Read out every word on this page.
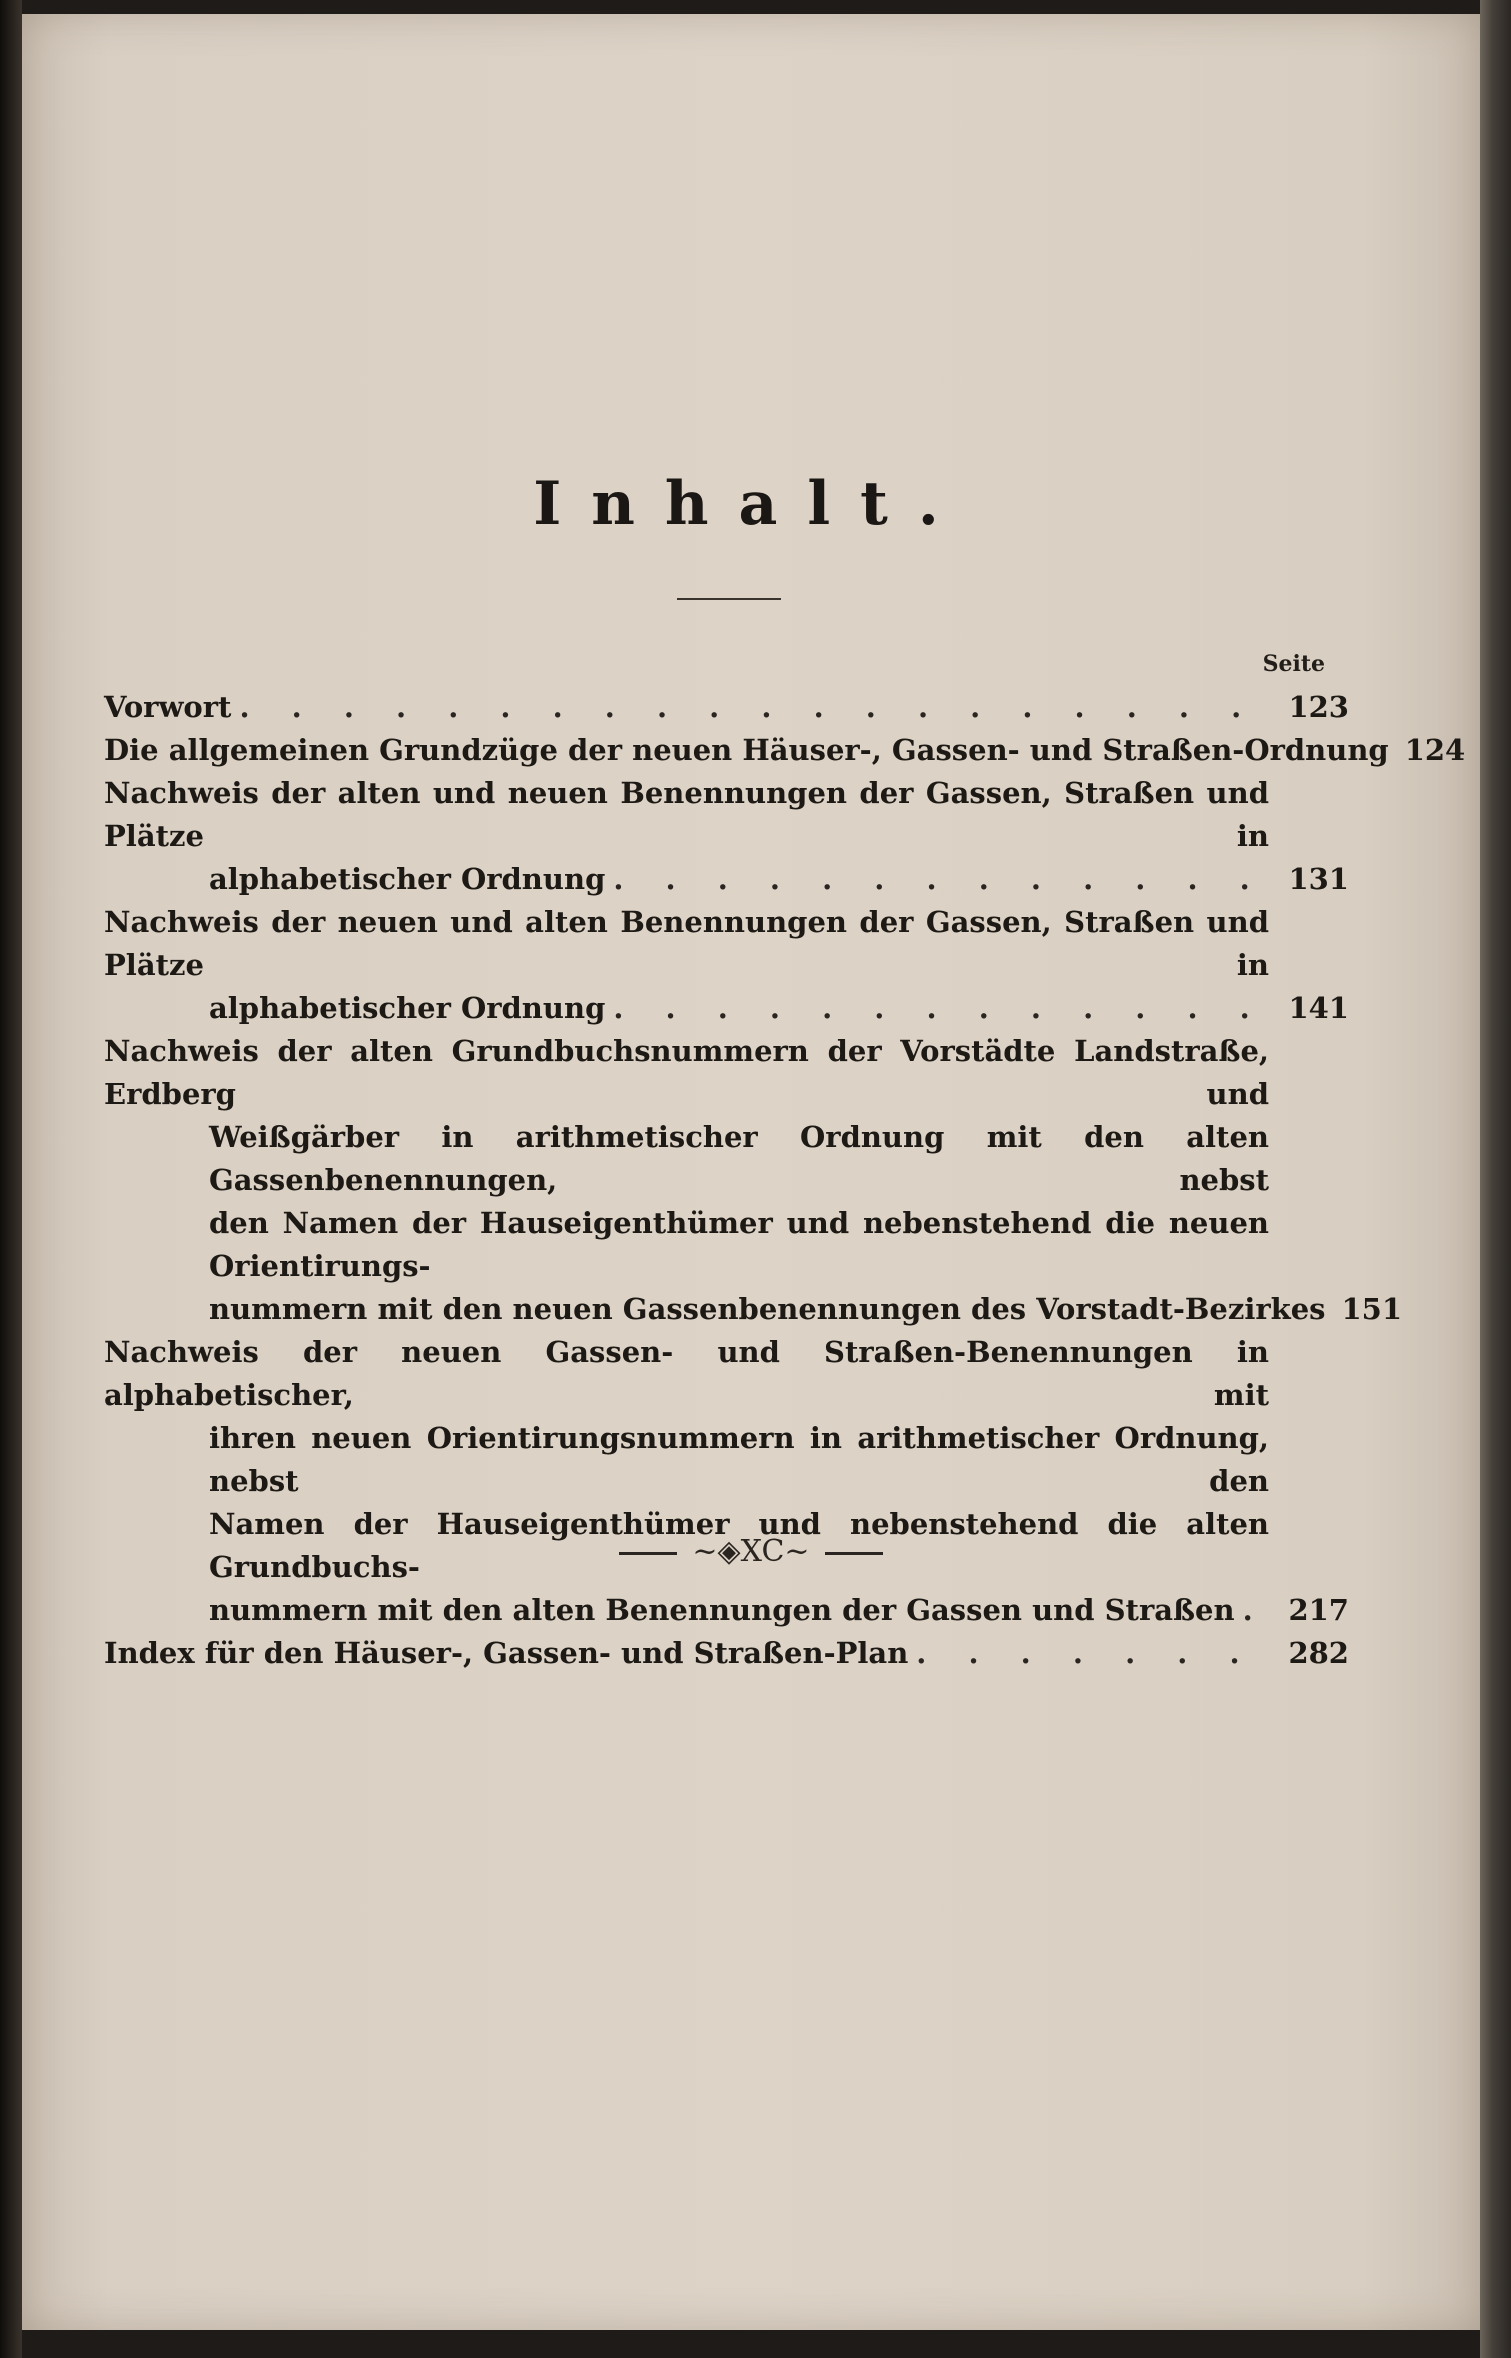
Inhalt.
Seite
Vorwort . . .	123
Die allgemeinen Grundzüge der neuen Häuser-, Gassen- und Straßen-Ordnung 124
Nachweis der alten und neuen Benennungen der Gassen, Straßen und Plätze in
alphabetischer Ordnung . . .	131
Nachweis der neuen und alten Benennungen der Gassen, Straßen und Plätze in
alphabetischer Ordnung . . .	141
Nachweis der alten Grundbuchsnummern der Vorstädte Landstraße, Erdberg und
Weißgärber in arithmetischer Ordnung mit den alten Gassenbenennungen, nebst
den Namen der Hauseigenthümer und nebenstehend die neuen Orientirungs-
nummern mit den neuen Gassenbenennungen des Vorstadt-Bezirkes 151
Nachweis der neuen Gassen- und Straßen-Benennungen in alphabetischer, mit
ihren neuen Orientirungsnummern in arithmetischer Ordnung, nebst den
Namen der Hauseigenthümer und nebenstehend die alten Grundbuchs-
nummern mit den alten Benennungen der Gassen und Straßen . . .	217
Index für den Häuser-, Gassen- und Straßen-Plan . . .	282
~◈XC~
